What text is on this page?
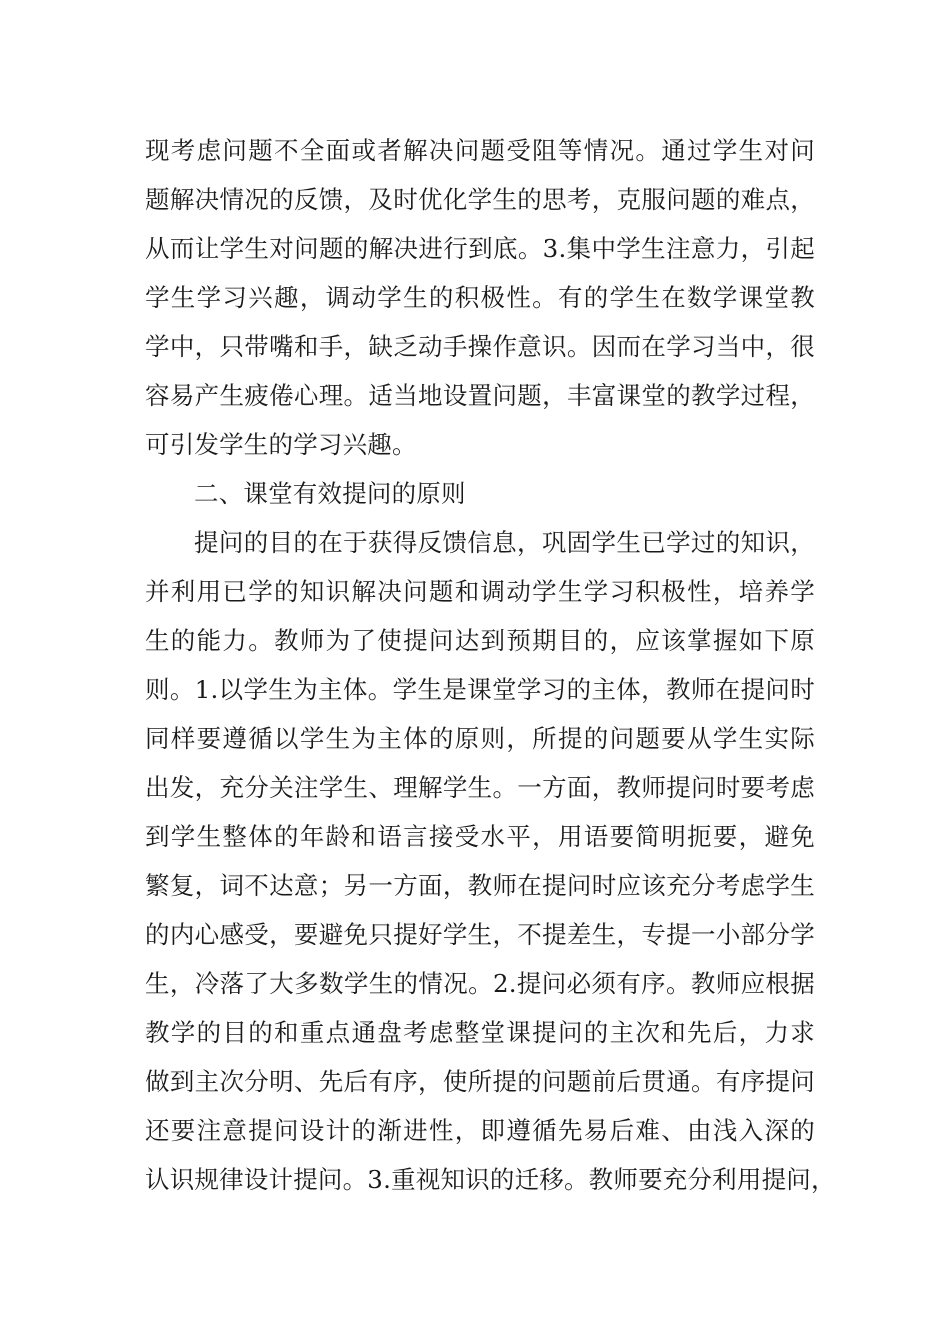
现考虑问题不全面或者解决问题受阻等情况。通过学生对问
题解决情况的反馈，及时优化学生的思考，克服问题的难点，
从而让学生对问题的解决进行到底。3.集中学生注意力，引起
学生学习兴趣，调动学生的积极性。有的学生在数学课堂教
学中，只带嘴和手，缺乏动手操作意识。因而在学习当中，很
容易产生疲倦心理。适当地设置问题，丰富课堂的教学过程，
可引发学生的学习兴趣。
二、课堂有效提问的原则
提问的目的在于获得反馈信息，巩固学生已学过的知识，
并利用已学的知识解决问题和调动学生学习积极性，培养学
生的能力。教师为了使提问达到预期目的，应该掌握如下原
则。1.以学生为主体。学生是课堂学习的主体，教师在提问时
同样要遵循以学生为主体的原则，所提的问题要从学生实际
出发，充分关注学生、理解学生。一方面，教师提问时要考虑
到学生整体的年龄和语言接受水平，用语要简明扼要，避免
繁复，词不达意；另一方面，教师在提问时应该充分考虑学生
的内心感受，要避免只提好学生，不提差生，专提一小部分学
生，冷落了大多数学生的情况。2.提问必须有序。教师应根据
教学的目的和重点通盘考虑整堂课提问的主次和先后，力求
做到主次分明、先后有序，使所提的问题前后贯通。有序提问
还要注意提问设计的渐进性，即遵循先易后难、由浅入深的
认识规律设计提问。3.重视知识的迁移。教师要充分利用提问，
